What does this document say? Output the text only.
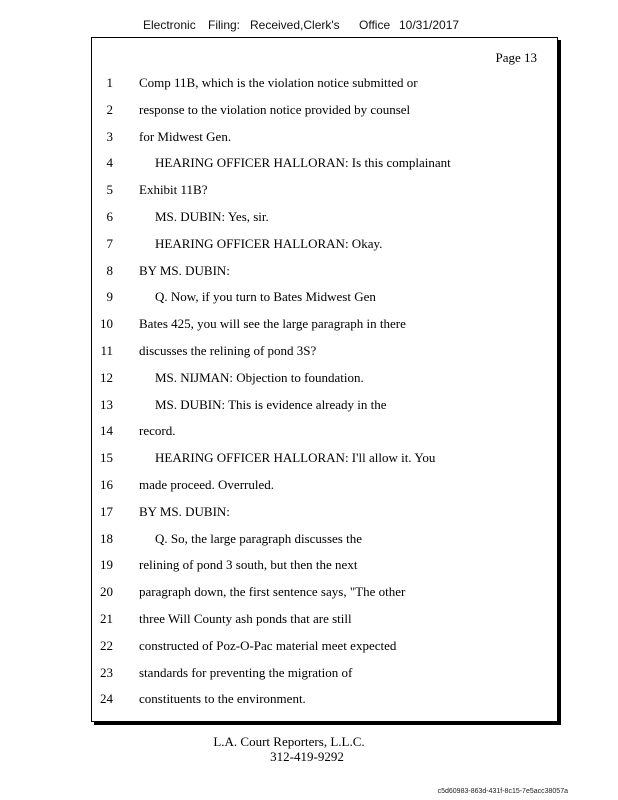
Electronic Filing: Received,Clerk's Office 10/31/2017
Page 13
1 Comp 11B, which is the violation notice submitted or
2 response to the violation notice provided by counsel
3 for Midwest Gen.
4	HEARING OFFICER HALLORAN: Is this complainant
5 Exhibit 11B?
6	MS. DUBIN: Yes, sir.
7	HEARING OFFICER HALLORAN: Okay.
8 BY MS. DUBIN:
9	Q. Now, if you turn to Bates Midwest Gen
10 Bates 425, you will see the large paragraph in there
11 discusses the relining of pond 3S?
12	MS. NIJMAN: Objection to foundation.
13	MS. DUBIN: This is evidence already in the
14 record.
15	HEARING OFFICER HALLORAN: I'll allow it. You
16 made proceed. Overruled.
17 BY MS. DUBIN:
18	Q. So, the large paragraph discusses the
19 relining of pond 3 south, but then the next
20 paragraph down, the first sentence says, "The other
21 three Will County ash ponds that are still
22 constructed of Poz-O-Pac material meet expected
23 standards for preventing the migration of
24 constituents to the environment.
L.A. Court Reporters, L.L.C.
312-419-9292
c5d60983-863d-431f-8c15-7e5acc38057a
